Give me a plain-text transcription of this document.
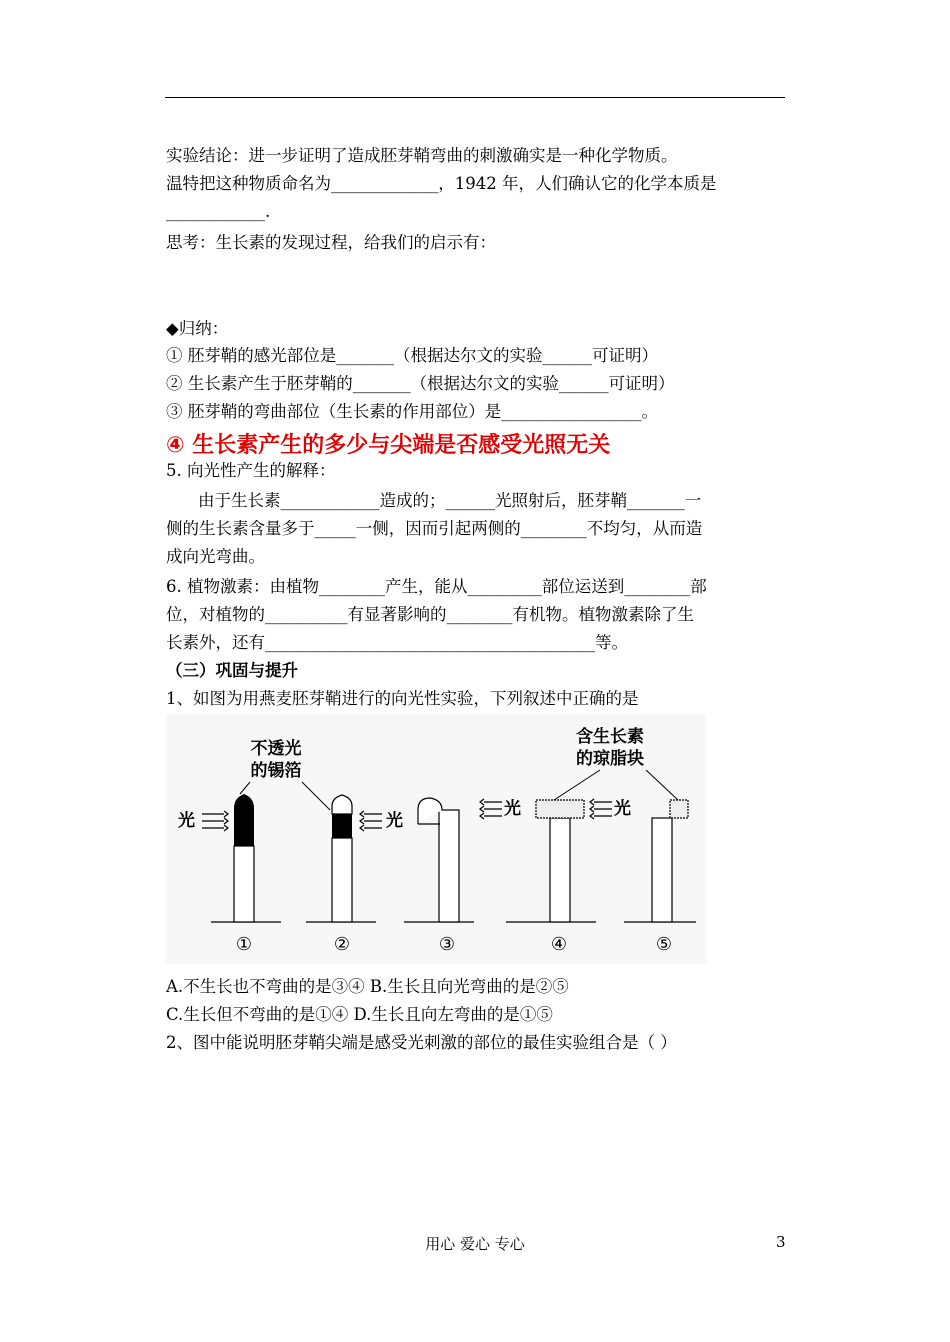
实验结论：进一步证明了造成胚芽鞘弯曲的刺激确实是一种化学物质。
温特把这种物质命名为_____________，1942 年，人们确认它的化学本质是
____________.
思考：生长素的发现过程，给我们的启示有：
◆归纳：
① 胚芽鞘的感光部位是_______（根据达尔文的实验______可证明）
② 生长素产生于胚芽鞘的_______（根据达尔文的实验______可证明）
③ 胚芽鞘的弯曲部位（生长素的作用部位）是_________________。
④ 生长素产生的多少与尖端是否感受光照无关
5. 向光性产生的解释：
由于生长素____________造成的；______光照射后，胚芽鞘_______一
侧的生长素含量多于_____一侧，因而引起两侧的________不均匀，从而造
成向光弯曲。
6. 植物激素：由植物________产生，能从_________部位运送到________部
位，对植物的__________有显著影响的________有机物。植物激素除了生
长素外，还有________________________________________等。
（三）巩固与提升
1、如图为用燕麦胚芽鞘进行的向光性实验，下列叙述中正确的是
不透光
的锡箔
含生长素
的琼脂块
光	光
光	光
①	②	③	④	⑤
A.不生长也不弯曲的是③④ B.生长且向光弯曲的是②⑤
C.生长但不弯曲的是①④ D.生长且向左弯曲的是①⑤
2、图中能说明胚芽鞘尖端是感受光刺激的部位的最佳实验组合是（ ）
用心 爱心 专心	3
